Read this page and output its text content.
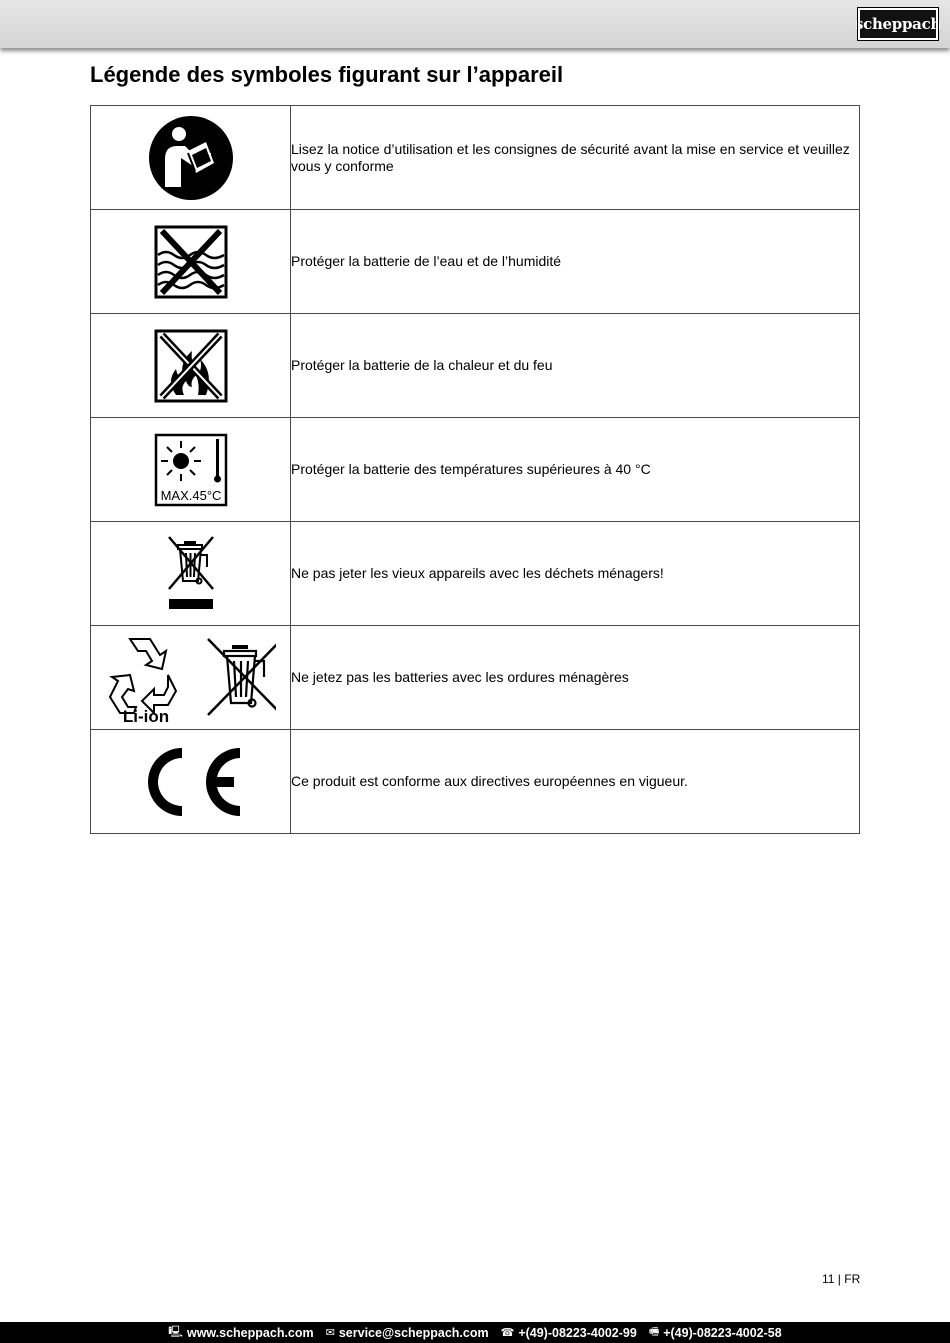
scheppach
Légende des symboles figurant sur l’appareil
	Lisez la notice d’utilisation et les consignes de sécurité avant la mise en service et veuillez vous y conforme

	Protéger la batterie de l’eau et de l’humidité

	Protéger la batterie de la chaleur et du feu

MAX.45°C	Protéger la batterie des températures supérieures à 40 °C

	Ne pas jeter les vieux appareils avec les déchets ménagers!

Li-ion	Ne jetez pas les batteries avec les ordures ménagères

	Ce produit est conforme aux directives européennes en vigueur.
11 | FR
🖳 www.scheppach.com ✉ service@scheppach.com ☎ +(49)-08223-4002-99 🖷 +(49)-08223-4002-58
